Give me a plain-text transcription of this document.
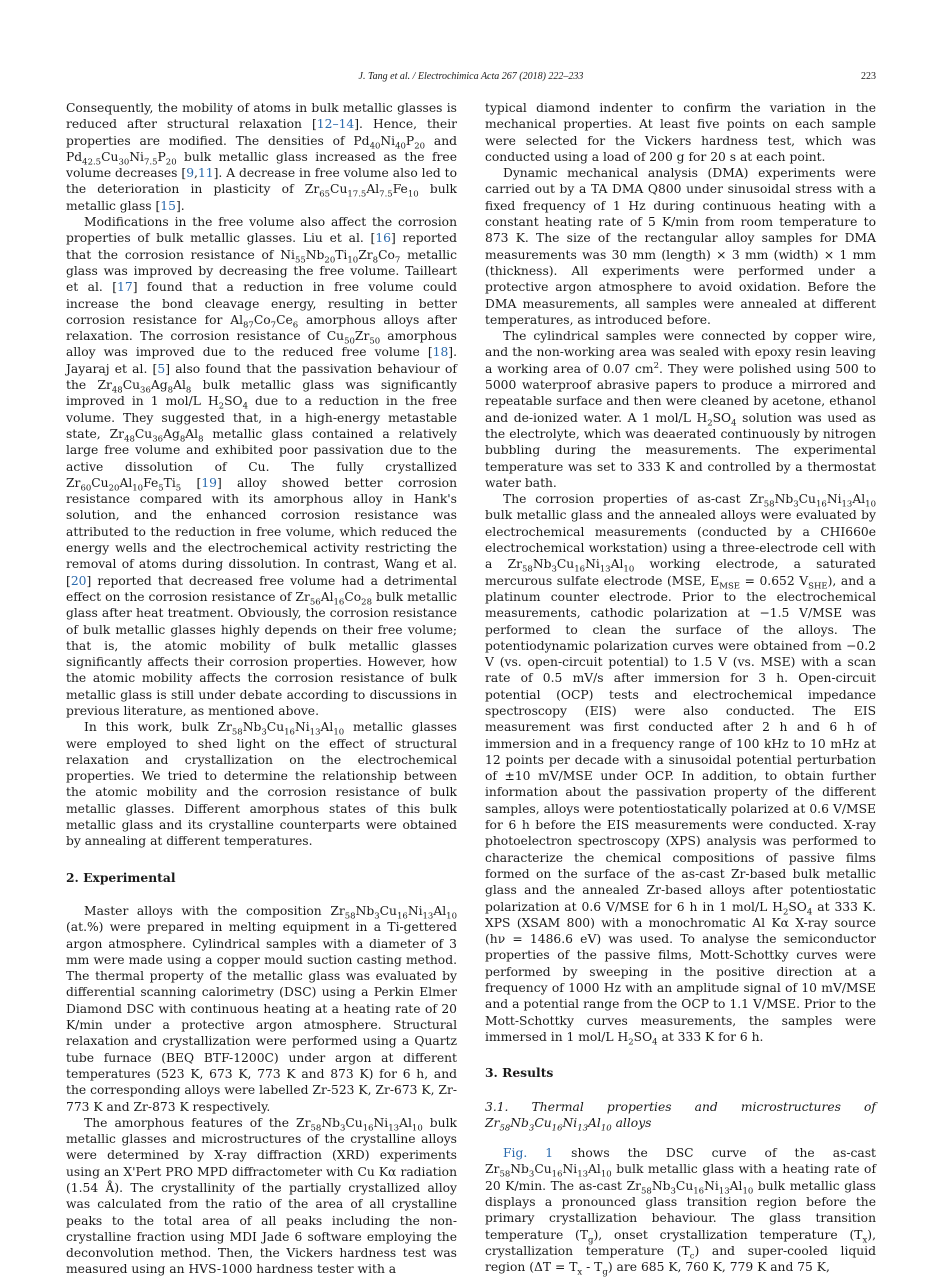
J. Tang et al. / Electrochimica Acta 267 (2018) 222–233	223

Consequently, the mobility of atoms in bulk metallic glasses is reduced after structural relaxation [12–14]. Hence, their properties are modified. The densities of $Pd_{40}Ni_{40}P_{20}$ and $Pd_{42.5}Cu_{30}Ni_{7.5}P_{20}$ bulk metallic glass increased as the free volume decreases [9,11]. A decrease in free volume also led to the deterioration in plasticity of $Zr_{65}Cu_{17.5}Al_{7.5}Fe_{10}$ bulk metallic glass [15].

Modifications in the free volume also affect the corrosion properties of bulk metallic glasses. Liu et al. [16] reported that the corrosion resistance of $Ni_{55}Nb_{20}Ti_{10}Zr_8Co_7$ metallic glass was improved by decreasing the free volume. Tailleart et al. [17] found that a reduction in free volume could increase the bond cleavage energy, resulting in better corrosion resistance for $Al_{87}Co_7Ce_6$ amorphous alloys after relaxation. The corrosion resistance of $Cu_{50}Zr_{50}$ amorphous alloy was improved due to the reduced free volume [18]. Jayaraj et al. [5] also found that the passivation behaviour of the $Zr_{48}Cu_{36}Ag_8Al_8$ bulk metallic glass was significantly improved in 1 mol/L $H_2SO_4$ due to a reduction in the free volume. They suggested that, in a high-energy metastable state, $Zr_{48}Cu_{36}Ag_8Al_8$ metallic glass contained a relatively large free volume and exhibited poor passivation due to the active dissolution of Cu. The fully crystallized $Zr_{60}Cu_{20}Al_{10}Fe_5Ti_5$ [19] alloy showed better corrosion resistance compared with its amorphous alloy in Hank's solution, and the enhanced corrosion resistance was attributed to the reduction in free volume, which reduced the energy wells and the electrochemical activity restricting the removal of atoms during dissolution. In contrast, Wang et al. [20] reported that decreased free volume had a detrimental effect on the corrosion resistance of $Zr_{56}Al_{16}Co_{28}$ bulk metallic glass after heat treatment. Obviously, the corrosion resistance of bulk metallic glasses highly depends on their free volume; that is, the atomic mobility of bulk metallic glasses significantly affects their corrosion properties. However, how the atomic mobility affects the corrosion resistance of bulk metallic glass is still under debate according to discussions in previous literature, as mentioned above.

In this work, bulk $Zr_{58}Nb_3Cu_{16}Ni_{13}Al_{10}$ metallic glasses were employed to shed light on the effect of structural relaxation and crystallization on the electrochemical properties. We tried to determine the relationship between the atomic mobility and the corrosion resistance of bulk metallic glasses. Different amorphous states of this bulk metallic glass and its crystalline counterparts were obtained by annealing at different temperatures.

2. Experimental

Master alloys with the composition $Zr_{58}Nb_3Cu_{16}Ni_{13}Al_{10}$ (at.%) were prepared in melting equipment in a Ti-gettered argon atmosphere. Cylindrical samples with a diameter of 3 mm were made using a copper mould suction casting method. The thermal property of the metallic glass was evaluated by differential scanning calorimetry (DSC) using a Perkin Elmer Diamond DSC with continuous heating at a heating rate of 20 K/min under a protective argon atmosphere. Structural relaxation and crystallization were performed using a Quartz tube furnace (BEQ BTF-1200C) under argon at different temperatures (523 K, 673 K, 773 K and 873 K) for 6 h, and the corresponding alloys were labelled Zr-523 K, Zr-673 K, Zr-773 K and Zr-873 K respectively.

The amorphous features of the $Zr_{58}Nb_3Cu_{16}Ni_{13}Al_{10}$ bulk metallic glasses and microstructures of the crystalline alloys were determined by X-ray diffraction (XRD) experiments using an X'Pert PRO MPD diffractometer with Cu Kα radiation (1.54 Å). The crystallinity of the partially crystallized alloy was calculated from the ratio of the area of all crystalline peaks to the total area of all peaks including the non-crystalline fraction using MDI Jade 6 software employing the deconvolution method. Then, the Vickers hardness test was measured using an HVS-1000 hardness tester with a

typical diamond indenter to confirm the variation in the mechanical properties. At least five points on each sample were selected for the Vickers hardness test, which was conducted using a load of 200 g for 20 s at each point.

Dynamic mechanical analysis (DMA) experiments were carried out by a TA DMA Q800 under sinusoidal stress with a fixed frequency of 1 Hz during continuous heating with a constant heating rate of 5 K/min from room temperature to 873 K. The size of the rectangular alloy samples for DMA measurements was 30 mm (length) × 3 mm (width) × 1 mm (thickness). All experiments were performed under a protective argon atmosphere to avoid oxidation. Before the DMA measurements, all samples were annealed at different temperatures, as introduced before.

The cylindrical samples were connected by copper wire, and the non-working area was sealed with epoxy resin leaving a working area of 0.07 $cm^2$. They were polished using 500 to 5000 waterproof abrasive papers to produce a mirrored and repeatable surface and then were cleaned by acetone, ethanol and de-ionized water. A 1 mol/L $H_2SO_4$ solution was used as the electrolyte, which was deaerated continuously by nitrogen bubbling during the measurements. The experimental temperature was set to 333 K and controlled by a thermostat water bath.

The corrosion properties of as-cast $Zr_{58}Nb_3Cu_{16}Ni_{13}Al_{10}$ bulk metallic glass and the annealed alloys were evaluated by electrochemical measurements (conducted by a CHI660e electrochemical workstation) using a three-electrode cell with a $Zr_{58}Nb_3Cu_{16}Ni_{13}Al_{10}$ working electrode, a saturated mercurous sulfate electrode (MSE, $E_{MSE} = 0.652$ $V_{SHE}$), and a platinum counter electrode. Prior to the electrochemical measurements, cathodic polarization at −1.5 V/MSE was performed to clean the surface of the alloys. The potentiodynamic polarization curves were obtained from −0.2 V (vs. open-circuit potential) to 1.5 V (vs. MSE) with a scan rate of 0.5 mV/s after immersion for 3 h. Open-circuit potential (OCP) tests and electrochemical impedance spectroscopy (EIS) were also conducted. The EIS measurement was first conducted after 2 h and 6 h of immersion and in a frequency range of 100 kHz to 10 mHz at 12 points per decade with a sinusoidal potential perturbation of ±10 mV/MSE under OCP. In addition, to obtain further information about the passivation property of the different samples, alloys were potentiostatically polarized at 0.6 V/MSE for 6 h before the EIS measurements were conducted. X-ray photoelectron spectroscopy (XPS) analysis was performed to characterize the chemical compositions of passive films formed on the surface of the as-cast Zr-based bulk metallic glass and the annealed Zr-based alloys after potentiostatic polarization at 0.6 V/MSE for 6 h in 1 mol/L $H_2SO_4$ at 333 K. XPS (XSAM 800) with a monochromatic Al Kα X-ray source (hν = 1486.6 eV) was used. To analyse the semiconductor properties of the passive films, Mott-Schottky curves were performed by sweeping in the positive direction at a frequency of 1000 Hz with an amplitude signal of 10 mV/MSE and a potential range from the OCP to 1.1 V/MSE. Prior to the Mott-Schottky curves measurements, the samples were immersed in 1 mol/L $H_2SO_4$ at 333 K for 6 h.

3. Results
3.1. Thermal properties and microstructures of $Zr_{58}Nb_3Cu_{16}Ni_{13}Al_{10}$ alloys

Fig. 1 shows the DSC curve of the as-cast $Zr_{58}Nb_3Cu_{16}Ni_{13}Al_{10}$ bulk metallic glass with a heating rate of 20 K/min. The as-cast $Zr_{58}Nb_3Cu_{16}Ni_{13}Al_{10}$ bulk metallic glass displays a pronounced glass transition region before the primary crystallization behaviour. The glass transition temperature $(T_g)$, onset crystallization temperature $(T_x)$, crystallization temperature $(T_c)$ and super-cooled liquid region $(\Delta T = T_x - T_g)$ are 685 K, 760 K, 779 K and 75 K,
